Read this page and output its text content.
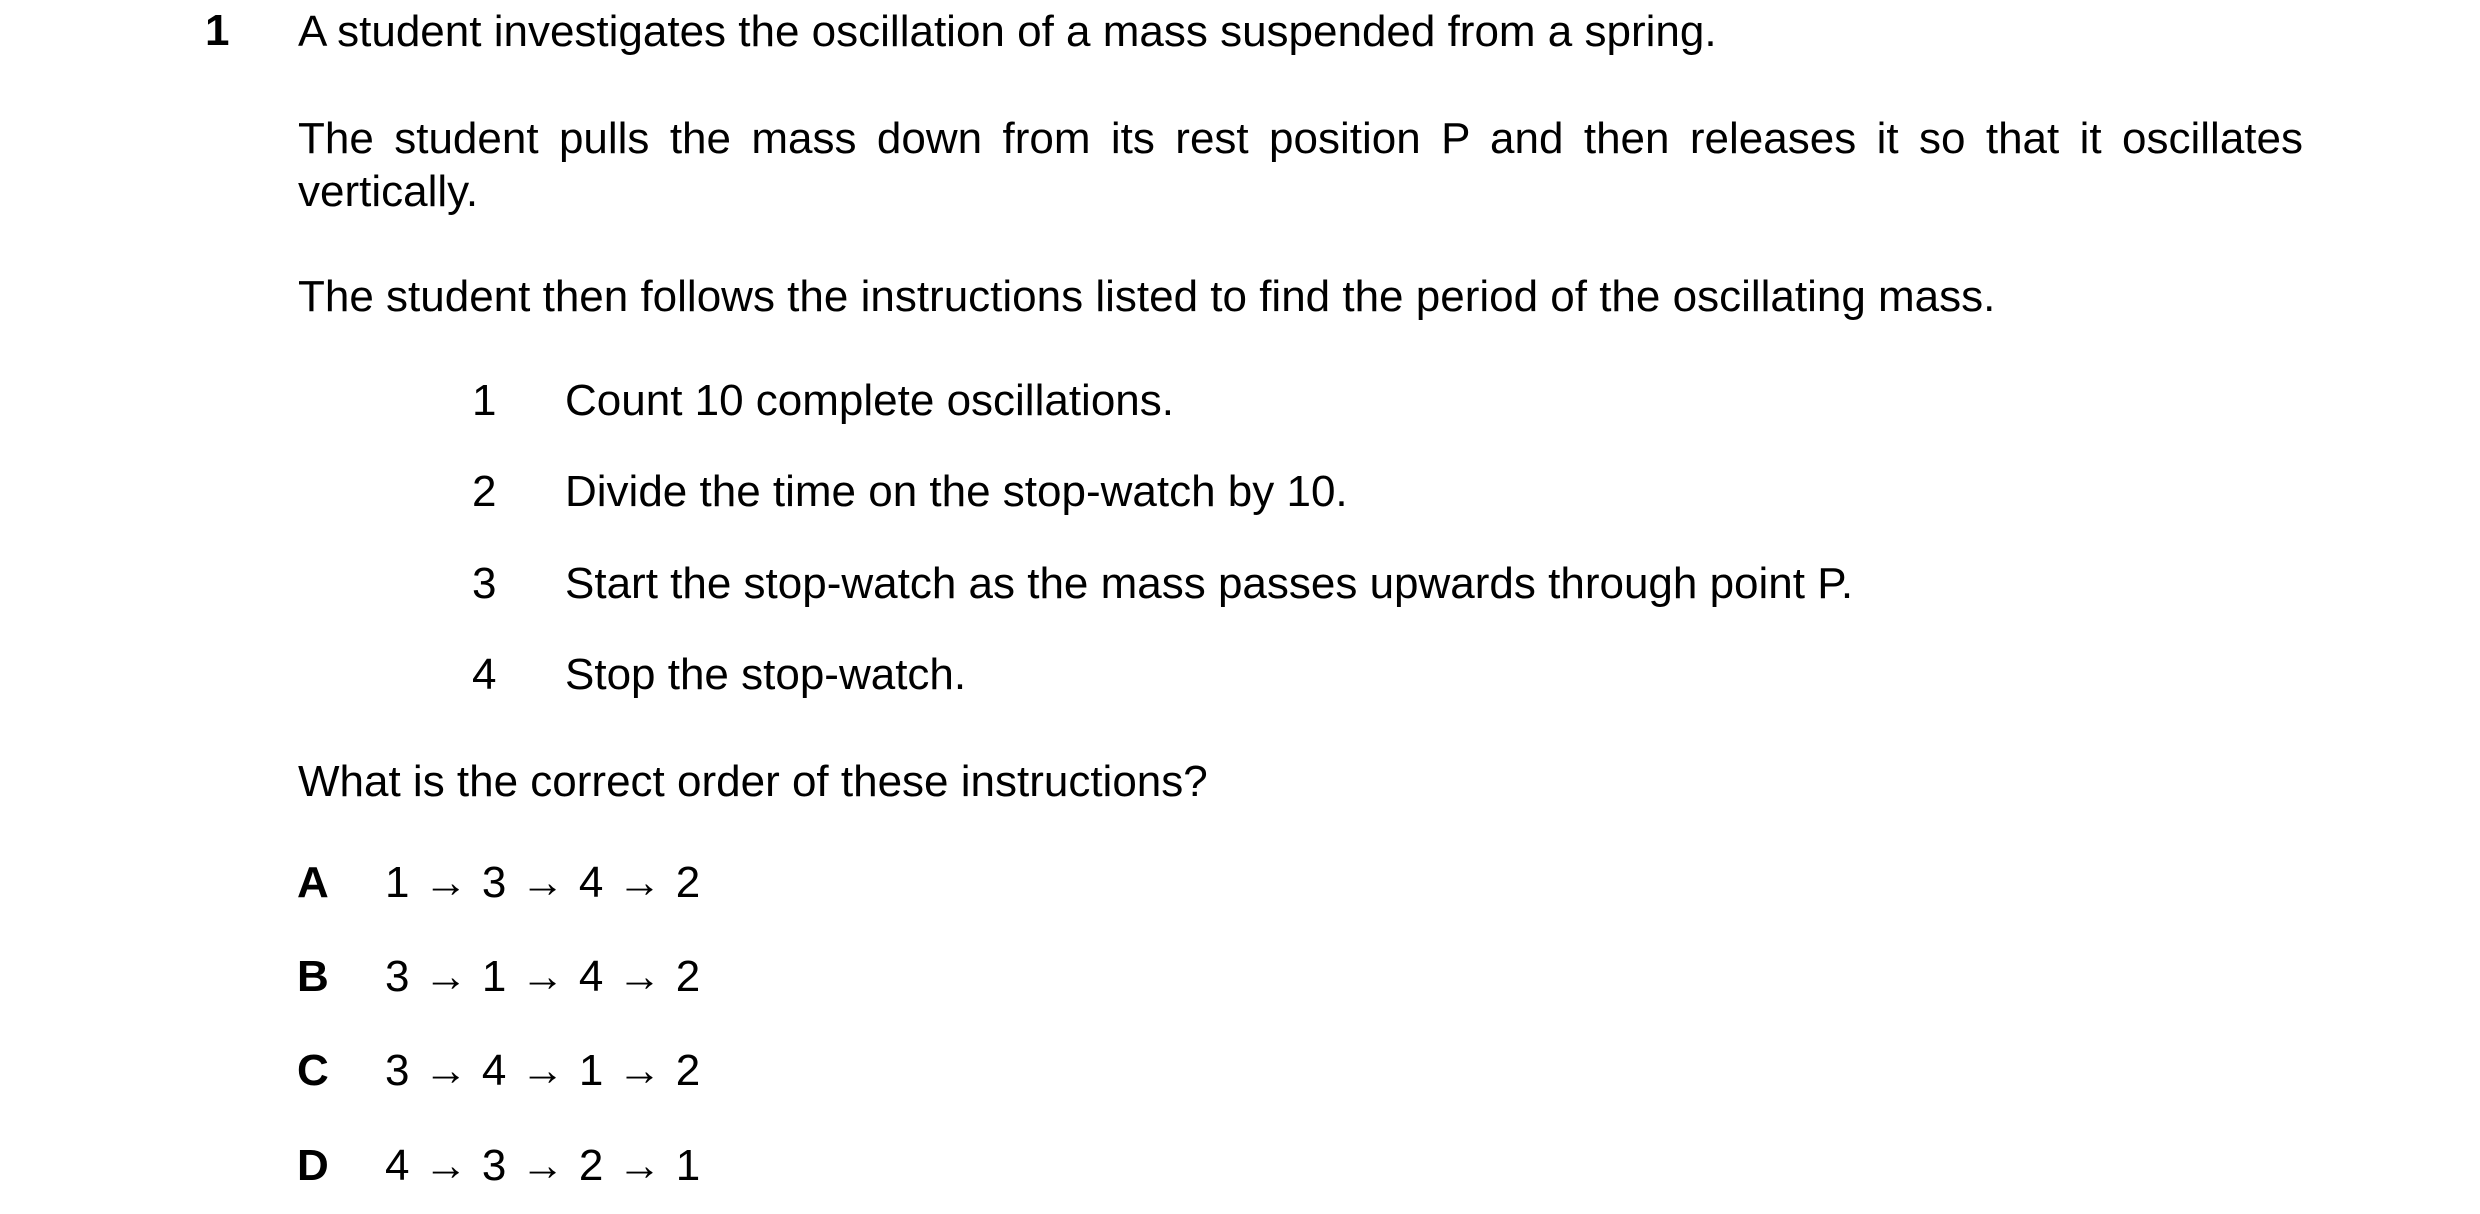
1 A student investigates the oscillation of a mass suspended from a spring.
The student pulls the mass down from its rest position P and then releases it so that it oscillates vertically.
The student then follows the instructions listed to find the period of the oscillating mass.
1 Count 10 complete oscillations.
2 Divide the time on the stop-watch by 10.
3 Start the stop-watch as the mass passes upwards through point P.
4 Stop the stop-watch.
What is the correct order of these instructions?
A 1 → 3 → 4 → 2
B 3 → 1 → 4 → 2
C 3 → 4 → 1 → 2
D 4 → 3 → 2 → 1
